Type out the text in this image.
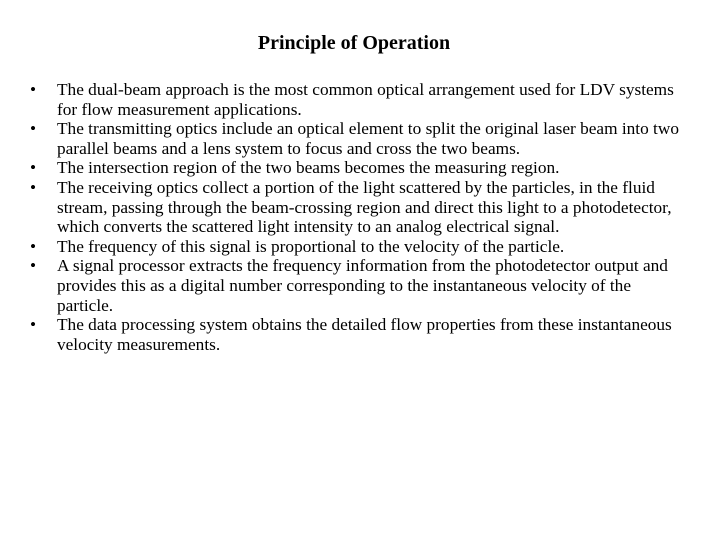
Principle of Operation
• The dual-beam approach is the most common optical arrangement used for LDV systems for flow measurement applications.
• The transmitting optics include an optical element to split the original laser beam into two parallel beams and a lens system to focus and cross the two beams.
• The intersection region of the two beams becomes the measuring region.
• The receiving optics collect a portion of the light scattered by the particles, in the fluid stream, passing through the beam-crossing region and direct this light to a photodetector, which converts the scattered light intensity to an analog electrical signal.
• The frequency of this signal is proportional to the velocity of the particle.
• A signal processor extracts the frequency information from the photodetector output and provides this as a digital number corresponding to the instantaneous velocity of the particle.
• The data processing system obtains the detailed flow properties from these instantaneous velocity measurements.
